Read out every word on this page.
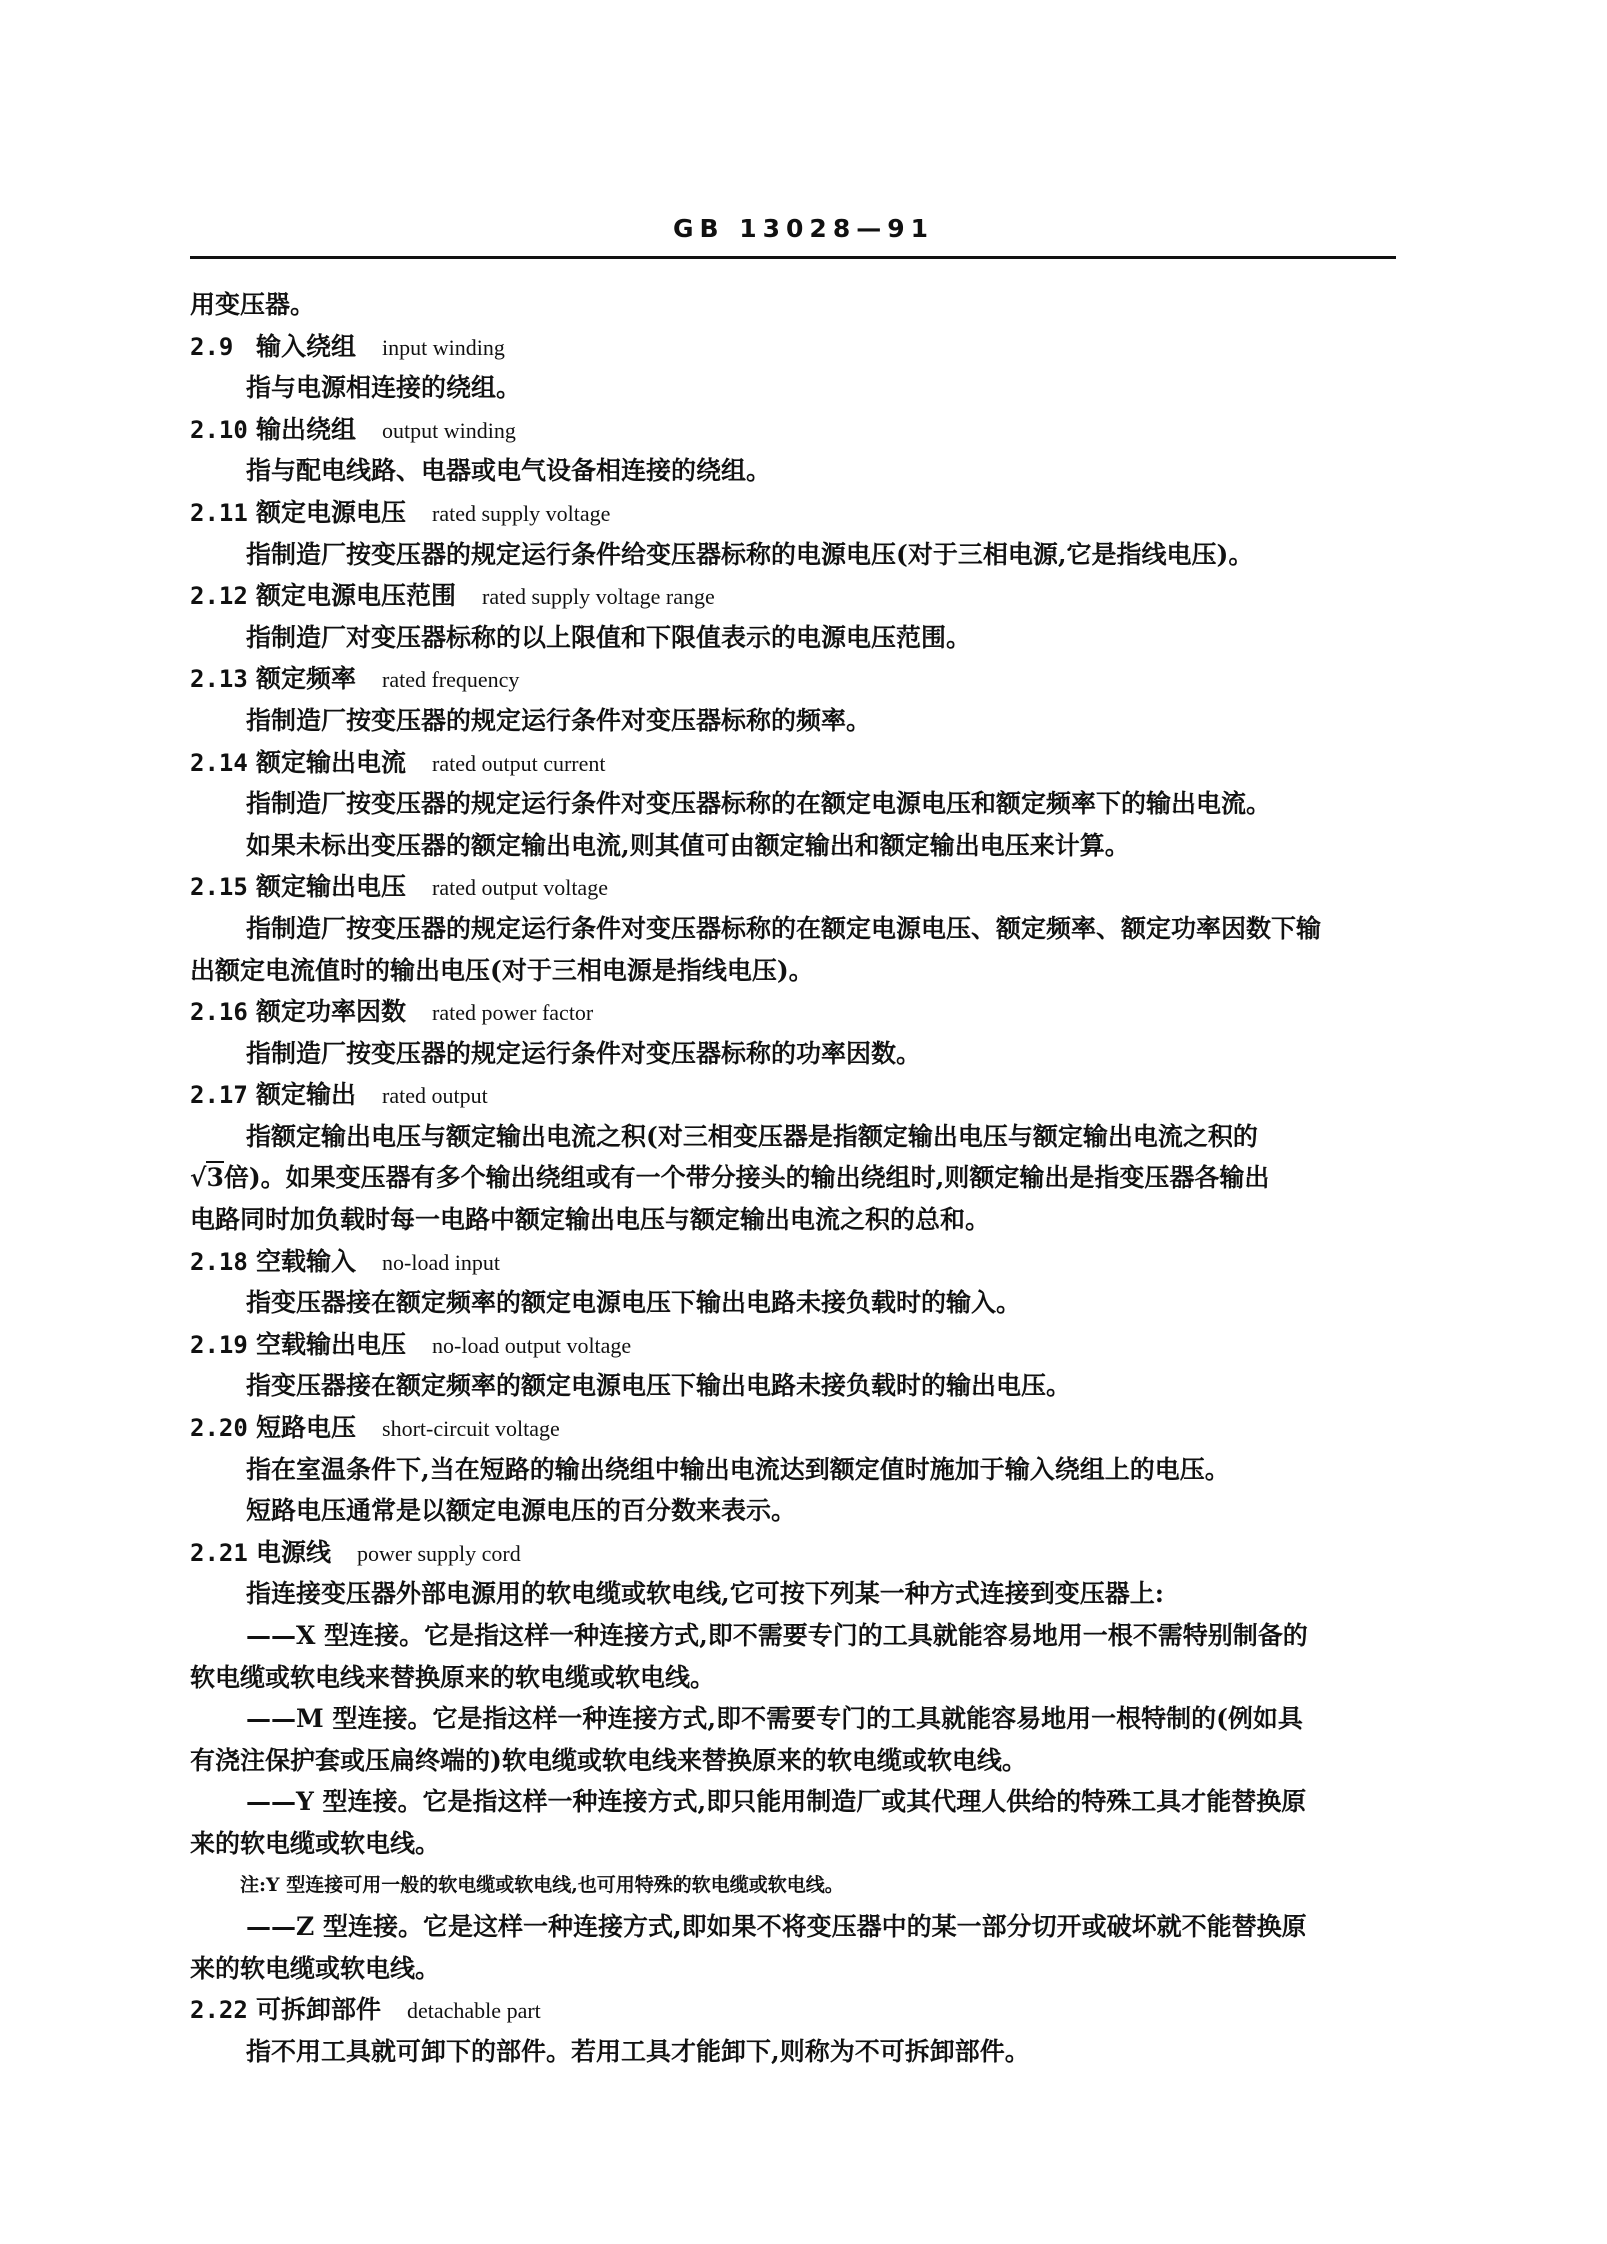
GB 13028—91
用变压器。
2.9 输入绕组 input winding
指与电源相连接的绕组。
2.10 输出绕组 output winding
指与配电线路、电器或电气设备相连接的绕组。
2.11 额定电源电压 rated supply voltage
指制造厂按变压器的规定运行条件给变压器标称的电源电压(对于三相电源,它是指线电压)。
2.12 额定电源电压范围 rated supply voltage range
指制造厂对变压器标称的以上限值和下限值表示的电源电压范围。
2.13 额定频率 rated frequency
指制造厂按变压器的规定运行条件对变压器标称的频率。
2.14 额定输出电流 rated output current
指制造厂按变压器的规定运行条件对变压器标称的在额定电源电压和额定频率下的输出电流。
如果未标出变压器的额定输出电流,则其值可由额定输出和额定输出电压来计算。
2.15 额定输出电压 rated output voltage
指制造厂按变压器的规定运行条件对变压器标称的在额定电源电压、额定频率、额定功率因数下输
出额定电流值时的输出电压(对于三相电源是指线电压)。
2.16 额定功率因数 rated power factor
指制造厂按变压器的规定运行条件对变压器标称的功率因数。
2.17 额定输出 rated output
指额定输出电压与额定输出电流之积(对三相变压器是指额定输出电压与额定输出电流之积的
√3倍)。如果变压器有多个输出绕组或有一个带分接头的输出绕组时,则额定输出是指变压器各输出
电路同时加负载时每一电路中额定输出电压与额定输出电流之积的总和。
2.18 空载输入 no-load input
指变压器接在额定频率的额定电源电压下输出电路未接负载时的输入。
2.19 空载输出电压 no-load output voltage
指变压器接在额定频率的额定电源电压下输出电路未接负载时的输出电压。
2.20 短路电压 short-circuit voltage
指在室温条件下,当在短路的输出绕组中输出电流达到额定值时施加于输入绕组上的电压。
短路电压通常是以额定电源电压的百分数来表示。
2.21 电源线 power supply cord
指连接变压器外部电源用的软电缆或软电线,它可按下列某一种方式连接到变压器上:
——X 型连接。它是指这样一种连接方式,即不需要专门的工具就能容易地用一根不需特别制备的
软电缆或软电线来替换原来的软电缆或软电线。
——M 型连接。它是指这样一种连接方式,即不需要专门的工具就能容易地用一根特制的(例如具
有浇注保护套或压扁终端的)软电缆或软电线来替换原来的软电缆或软电线。
——Y 型连接。它是指这样一种连接方式,即只能用制造厂或其代理人供给的特殊工具才能替换原
来的软电缆或软电线。
注:Y 型连接可用一般的软电缆或软电线,也可用特殊的软电缆或软电线。
——Z 型连接。它是这样一种连接方式,即如果不将变压器中的某一部分切开或破坏就不能替换原
来的软电缆或软电线。
2.22 可拆卸部件 detachable part
指不用工具就可卸下的部件。若用工具才能卸下,则称为不可拆卸部件。
